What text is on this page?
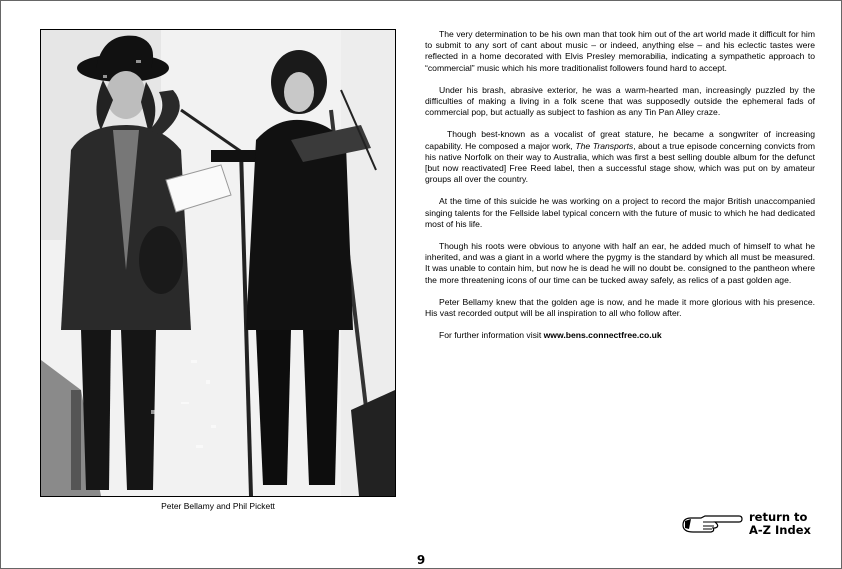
Peter Bellamy and Phil Pickett

The very determination to be his own man that took him out of the art world made it difficult for him to submit to any sort of cant about music – or indeed, anything else – and his eclectic tastes were reflected in a home decorated with Elvis Presley memorabilia, indicating a sympathetic approach to “commercial” music which his more traditionalist followers found hard to accept.

Under his brash, abrasive exterior, he was a warm-hearted man, increasingly puzzled by the difficulties of making a living in a folk scene that was supposedly outside the ephemeral fads of commercial pop, but actually as subject to fashion as any Tin Pan Alley craze.

Though best-known as a vocalist of great stature, he became a songwriter of increasing capability. He composed a major work, The Transports, about a true episode concerning convicts from his native Norfolk on their way to Australia, which was first a best selling double album for the defunct [but now reactivated] Free Reed label, then a successful stage show, which was put on by amateur groups all over the country.

At the time of this suicide he was working on a project to record the major British unaccompanied singing talents for the Fellside label typical concern with the future of music to which he had dedicated most of his life.

Though his roots were obvious to anyone with half an ear, he added much of himself to what he inherited, and was a giant in a world where the pygmy is the standard by which all must be measured. It was unable to contain him, but now he is dead he will no doubt be. consigned to the pantheon where the more threatening icons of our time can be tucked away safely, as relics of a past golden age.

Peter Bellamy knew that the golden age is now, and he made it more glorious with his presence. His vast recorded output will be all inspiration to all who follow after.

For further information visit www.bens.connectfree.co.uk

return to
A-Z Index
9
